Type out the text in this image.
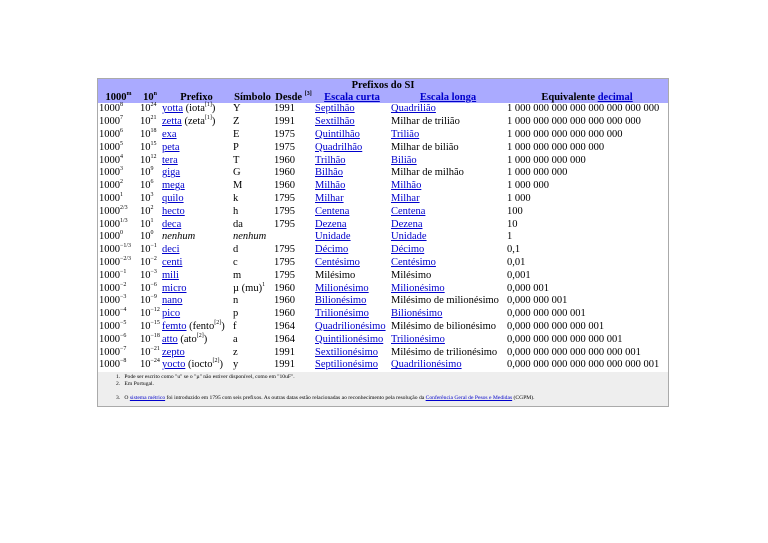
Prefixos do SI							
1000$^m$	10$^n$	Prefixo	Símbolo	Desde [3]	Escala curta	Escala longa	Equivalente decimal
1000$^8$	$10^{24}$	yotta (iota[1])	Y	1991	Septilhão	Quadrilião	1 000 000 000 000 000 000 000 000
1000$^7$	$10^{21}$	zetta (zeta[1])	Z	1991	Sextilhão	Milhar de trilião	1 000 000 000 000 000 000 000
1000$^6$	$10^{18}$	exa	E	1975	Quintilhão	Trilião	1 000 000 000 000 000 000
1000$^5$	$10^{15}$	peta	P	1975	Quadrilhão	Milhar de bilião	1 000 000 000 000 000
1000$^4$	$10^{12}$	tera	T	1960	Trilhão	Bilião	1 000 000 000 000
1000$^3$	$10^9$	giga	G	1960	Bilhão	Milhar de milhão	1 000 000 000
1000$^2$	$10^6$	mega	M	1960	Milhão	Milhão	1 000 000
1000$^1$	$10^3$	quilo	k	1795	Milhar	Milhar	1 000
$1000^{2/3}$	$10^2$	hecto	h	1795	Centena	Centena	100
$1000^{1/3}$	$10^1$	deca	da	1795	Dezena	Dezena	10
1000$^0$	$10^0$	nenhum	nenhum		Unidade	Unidade	1
$1000^{-1/3}$	$10^{-1}$	deci	d	1795	Décimo	Décimo	0,1
$1000^{-2/3}$	$10^{-2}$	centi	c	1795	Centésimo	Centésimo	0,01
$1000^{-1}$	$10^{-3}$	mili	m	1795	Milésimo	Milésimo	0,001
$1000^{-2}$	$10^{-6}$	micro	µ (mu)$^1$	1960	Milionésimo	Milionésimo	0,000 001
$1000^{-3}$	$10^{-9}$	nano	n	1960	Bilionésimo	Milésimo de milionésimo	0,000 000 001
$1000^{-4}$	$10^{-12}$	pico	p	1960	Trilionésimo	Bilionésimo	0,000 000 000 001
$1000^{-5}$	$10^{-15}$	femto (fento[2])	f	1964	Quadrilionésimo	Milésimo de bilionésimo	0,000 000 000 000 001
$1000^{-6}$	$10^{-18}$	atto (ato[2])	a	1964	Quintilionésimo	Trilionésimo	0,000 000 000 000 000 001
$1000^{-7}$	$10^{-21}$	zepto	z	1991	Sextilionésimo	Milésimo de trilionésimo	0,000 000 000 000 000 000 001
$1000^{-8}$	$10^{-24}$	yocto (iocto[2])	y	1991	Septilionésimo	Quadrilionésimo	0,000 000 000 000 000 000 000 001
1. Pode ser escrito como "u" se o "µ" não estiver disponível, como em "10uF".
2. Em Portugal.
3. O sistema métrico foi introduzido em 1795 com seis prefixos. As outras datas estão relacionadas ao reconhecimento pela resolução da Conferência Geral de Pesos e Medidas (CGPM).
